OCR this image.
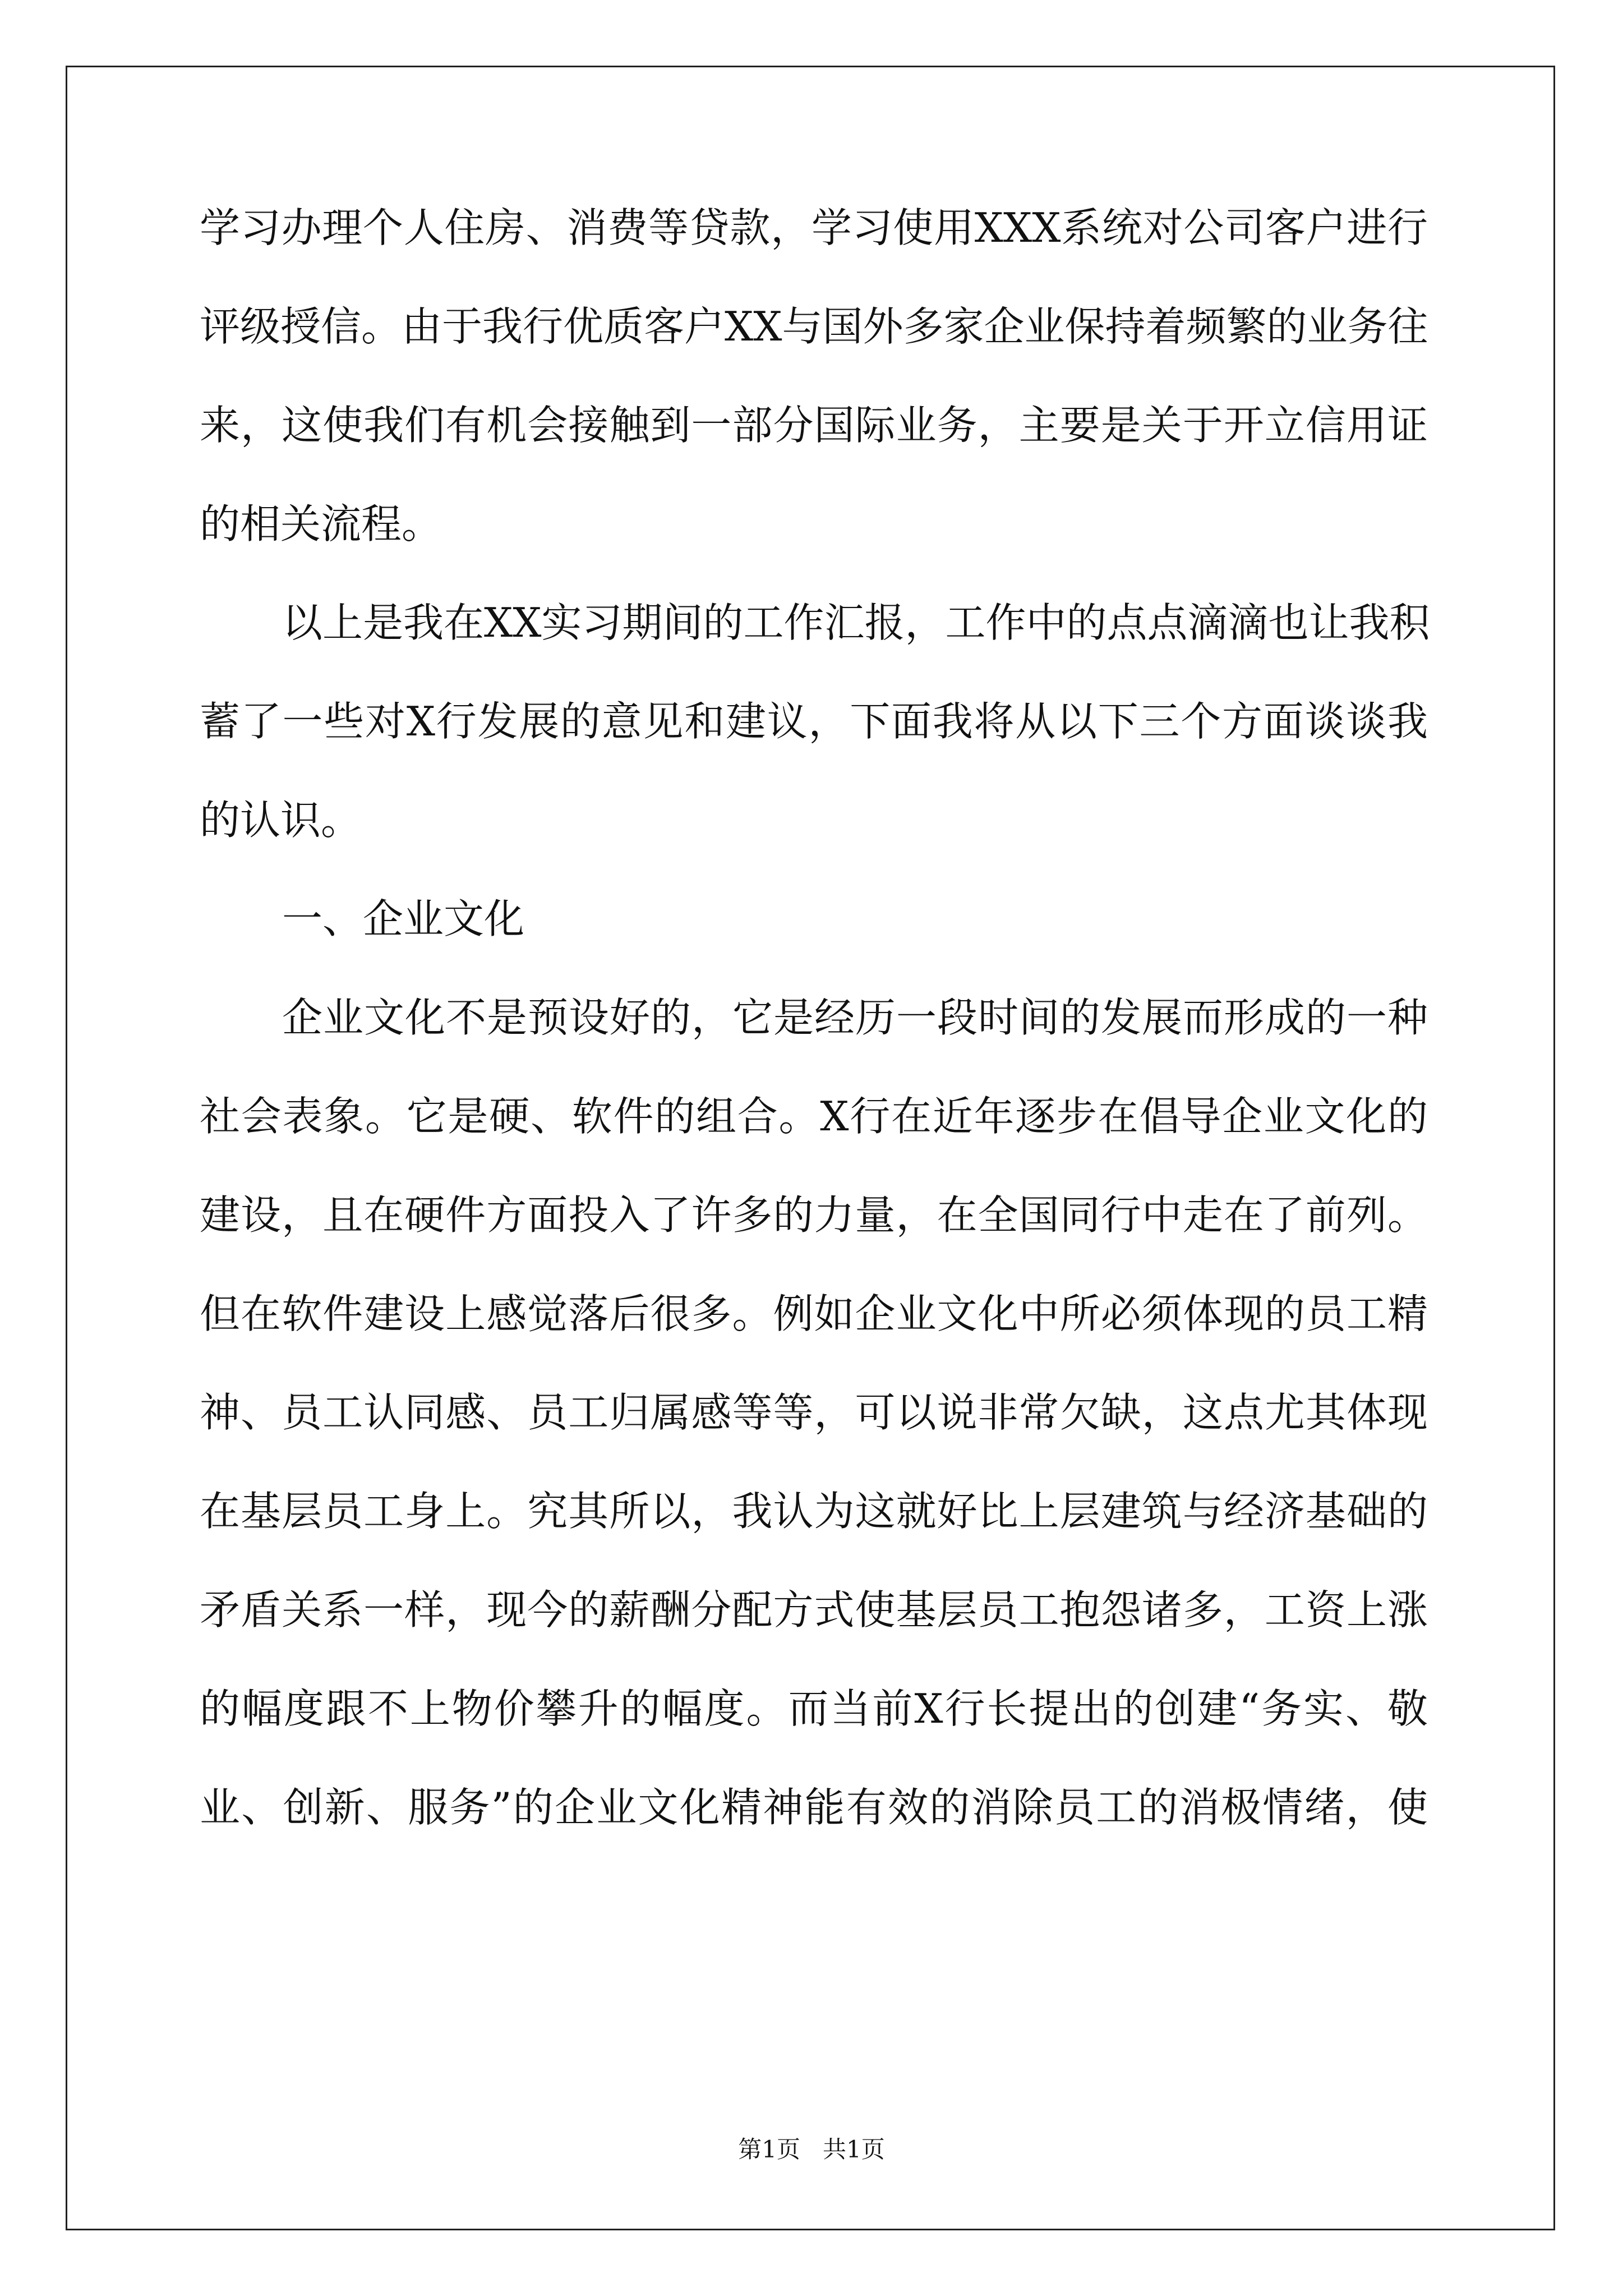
学习办理个人住房、消费等贷款，学习使用XXX系统对公司客户进行
评级授信。由于我行优质客户XX与国外多家企业保持着频繁的业务往
来，这使我们有机会接触到一部分国际业务，主要是关于开立信用证
的相关流程。
以上是我在XX实习期间的工作汇报，工作中的点点滴滴也让我积
蓄了一些对X行发展的意见和建议，下面我将从以下三个方面谈谈我
的认识。
一、企业文化
企业文化不是预设好的，它是经历一段时间的发展而形成的一种
社会表象。它是硬、软件的组合。X行在近年逐步在倡导企业文化的
建设，且在硬件方面投入了许多的力量，在全国同行中走在了前列。
但在软件建设上感觉落后很多。例如企业文化中所必须体现的员工精
神、员工认同感、员工归属感等等，可以说非常欠缺，这点尤其体现
在基层员工身上。究其所以，我认为这就好比上层建筑与经济基础的
矛盾关系一样，现今的薪酬分配方式使基层员工抱怨诸多，工资上涨
的幅度跟不上物价攀升的幅度。而当前X行长提出的创建“务实、敬
业、创新、服务”的企业文化精神能有效的消除员工的消极情绪，使
第1页   共1页
